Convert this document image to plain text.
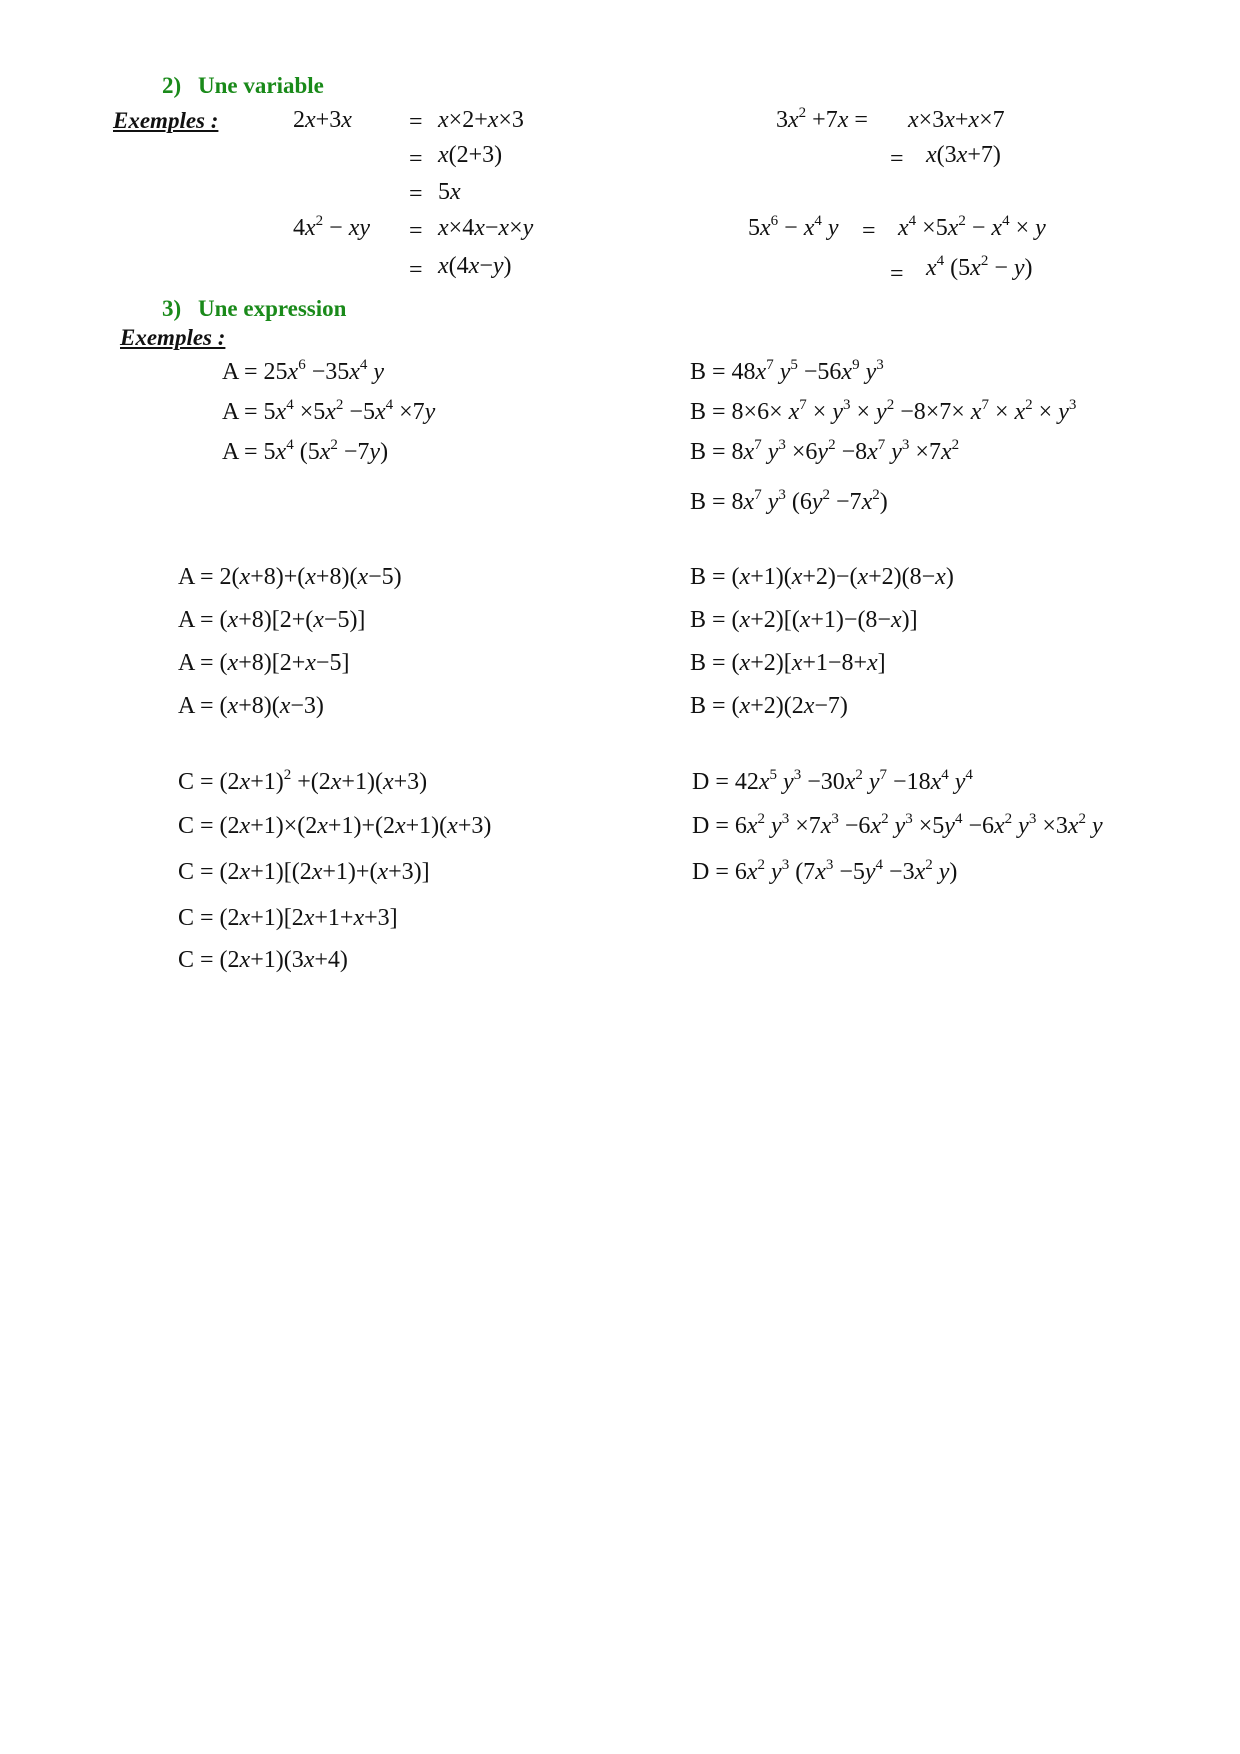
2) Une variable
Exemples :	2x+3x = x×2+x×3
= x(2+3)
= 5x
$4x^2$ − xy = x×4x−x×y
= x(4x−y)
$3x^2 +7x = x\times 3x+x\times 7$
= x(3x+7)
$5x^6 - x^4$ $y = x^4 \times 5x^2 - x^4 \times y$
= $x^4$ $(5x^2 - y)$
3) Une expression
Exemples :
$A = 25x^6 -35x^4$ y
$A = 5x^4 \times 5x^2 -5x^4 \times 7y$
$A = 5x^4$ $(5x^2 -7y)$
$B = 48x^7$ $y^5 -56x^9$ $y^3$
$B = 8\times 6\times x^7 \times y^3 \times y^2 -8\times 7\times x^7 \times x^2 \times y^3$
$B = 8x^7$ $y^3 \times 6y^2 -8x^7$ $y^3 \times 7x^2$
$B = 8x^7$ $y^3$ $(6y^2 -7x^2)$
A = 2(x+8)+(x+8)(x−5)
A = (x+8)[2+(x−5)]
A = (x+8)[2+x−5]
A = (x+8)(x−3)
B = (x+1)(x+2)−(x+2)(8−x)
B = (x+2)[(x+1)−(8−x)]
B = (x+2)[x+1−8+x]
B = (x+2)(2x−7)
$C = (2x+1)^2 +(2x+1)(x+3)$
C = (2x+1)×(2x+1)+(2x+1)(x+3)
C = (2x+1)[(2x+1)+(x+3)]
C = (2x+1)[2x+1+x+3]
C = (2x+1)(3x+4)
$D = 42x^5$ $y^3 -30x^2$ $y^7 -18x^4$ $y^4$
$D = 6x^2$ $y^3 \times 7x^3 -6x^2$ $y^3 \times 5y^4 -6x^2$ $y^3 \times 3x^2$ y
$D = 6x^2$ $y^3$ ($7x^3 -5y^4 -3x^2$ y)
